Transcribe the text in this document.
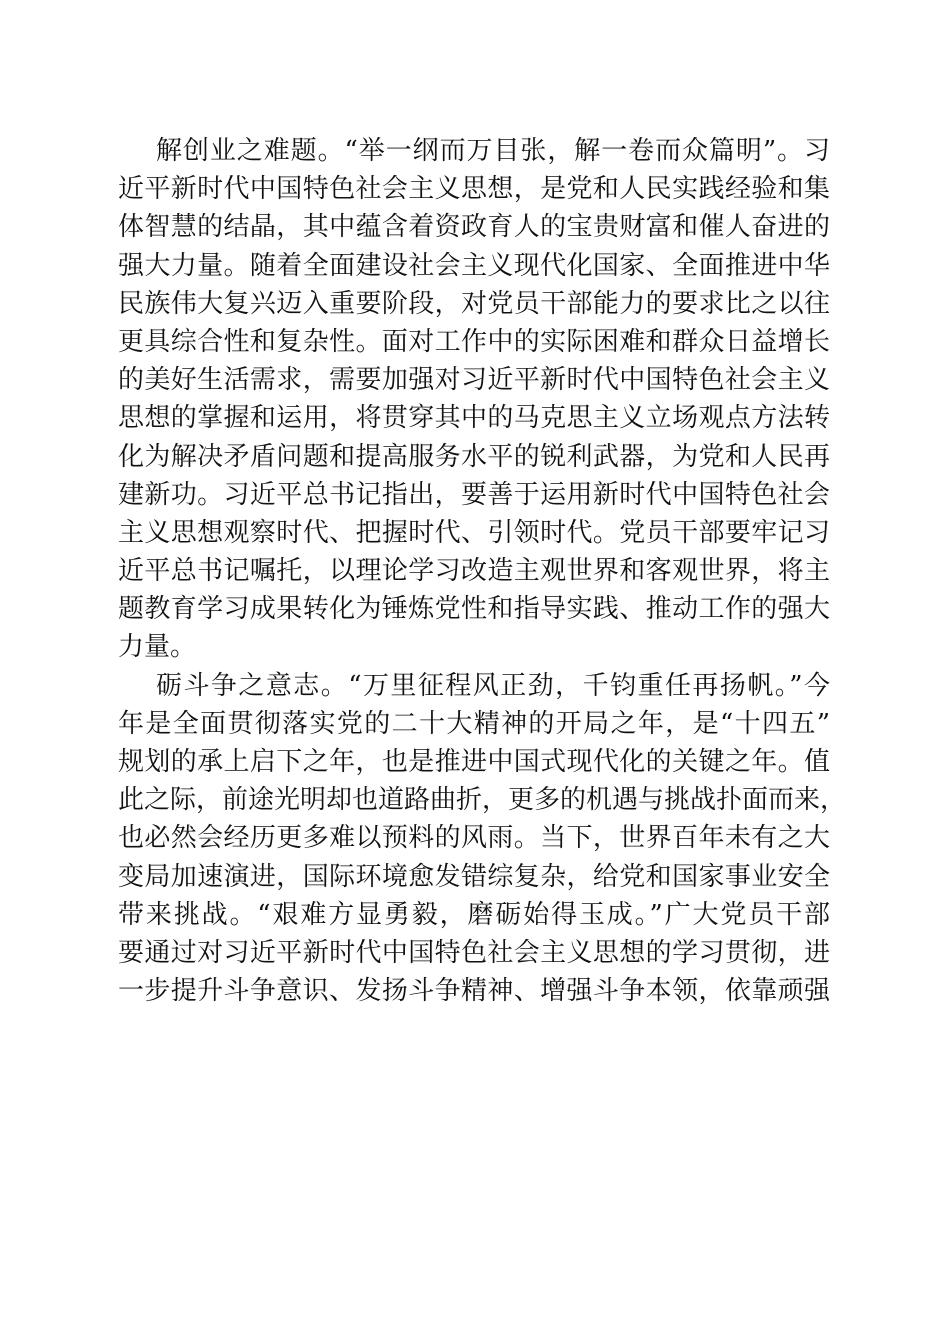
解创业之难题。“举一纲而万目张，解一卷而众篇明”。习
近平新时代中国特色社会主义思想，是党和人民实践经验和集
体智慧的结晶，其中蕴含着资政育人的宝贵财富和催人奋进的
强大力量。随着全面建设社会主义现代化国家、全面推进中华
民族伟大复兴迈入重要阶段，对党员干部能力的要求比之以往
更具综合性和复杂性。面对工作中的实际困难和群众日益增长
的美好生活需求，需要加强对习近平新时代中国特色社会主义
思想的掌握和运用，将贯穿其中的马克思主义立场观点方法转
化为解决矛盾问题和提高服务水平的锐利武器，为党和人民再
建新功。习近平总书记指出，要善于运用新时代中国特色社会
主义思想观察时代、把握时代、引领时代。党员干部要牢记习
近平总书记嘱托，以理论学习改造主观世界和客观世界，将主
题教育学习成果转化为锤炼党性和指导实践、推动工作的强大
力量。
砺斗争之意志。“万里征程风正劲，千钧重任再扬帆。”今
年是全面贯彻落实党的二十大精神的开局之年，是“十四五”
规划的承上启下之年，也是推进中国式现代化的关键之年。值
此之际，前途光明却也道路曲折，更多的机遇与挑战扑面而来，
也必然会经历更多难以预料的风雨。当下，世界百年未有之大
变局加速演进，国际环境愈发错综复杂，给党和国家事业安全
带来挑战。“艰难方显勇毅，磨砺始得玉成。”广大党员干部
要通过对习近平新时代中国特色社会主义思想的学习贯彻，进
一步提升斗争意识、发扬斗争精神、增强斗争本领，依靠顽强
